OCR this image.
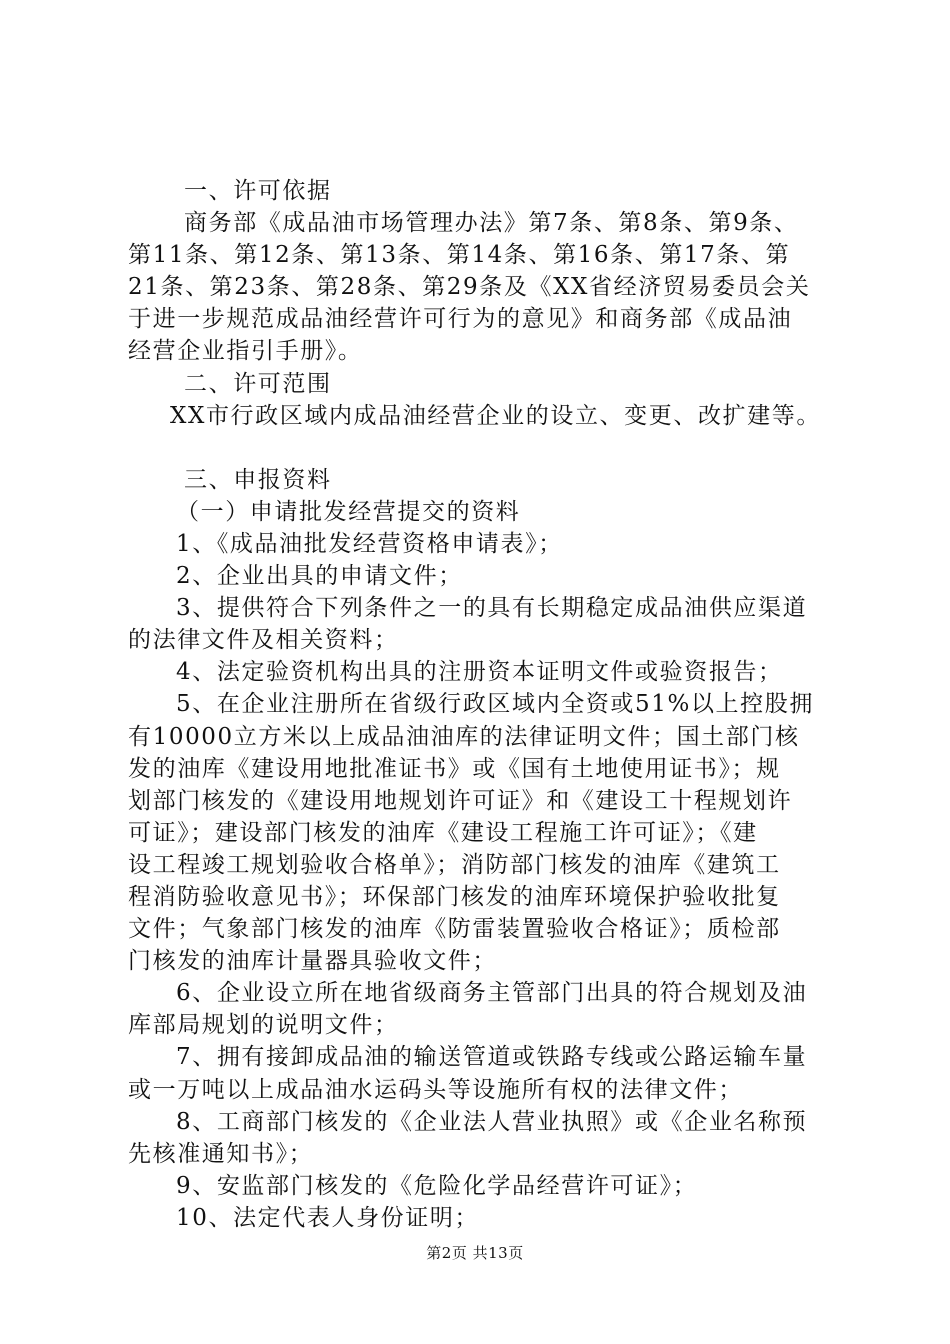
一、许可依据
商务部《成品油市场管理办法》第7条、第8条、第9条、
第11条、第12条、第13条、第14条、第16条、第17条、第
21条、第23条、第28条、第29条及《XX省经济贸易委员会关
于进一步规范成品油经营许可行为的意见》和商务部《成品油
经营企业指引手册》。
二、许可范围
XX市行政区域内成品油经营企业的设立、变更、改扩建等。
三、申报资料
（一）申请批发经营提交的资料
1、《成品油批发经营资格申请表》；
2、企业出具的申请文件；
3、提供符合下列条件之一的具有长期稳定成品油供应渠道
的法律文件及相关资料；
4、法定验资机构出具的注册资本证明文件或验资报告；
5、在企业注册所在省级行政区域内全资或51%以上控股拥
有10000立方米以上成品油油库的法律证明文件；国土部门核
发的油库《建设用地批准证书》或《国有土地使用证书》；规
划部门核发的《建设用地规划许可证》和《建设工十程规划许
可证》；建设部门核发的油库《建设工程施工许可证》；《建
设工程竣工规划验收合格单》；消防部门核发的油库《建筑工
程消防验收意见书》；环保部门核发的油库环境保护验收批复
文件；气象部门核发的油库《防雷装置验收合格证》；质检部
门核发的油库计量器具验收文件；
6、企业设立所在地省级商务主管部门出具的符合规划及油
库部局规划的说明文件；
7、拥有接卸成品油的输送管道或铁路专线或公路运输车量
或一万吨以上成品油水运码头等设施所有权的法律文件；
8、工商部门核发的《企业法人营业执照》或《企业名称预
先核准通知书》；
9、安监部门核发的《危险化学品经营许可证》；
10、法定代表人身份证明；
第2页 共13页
